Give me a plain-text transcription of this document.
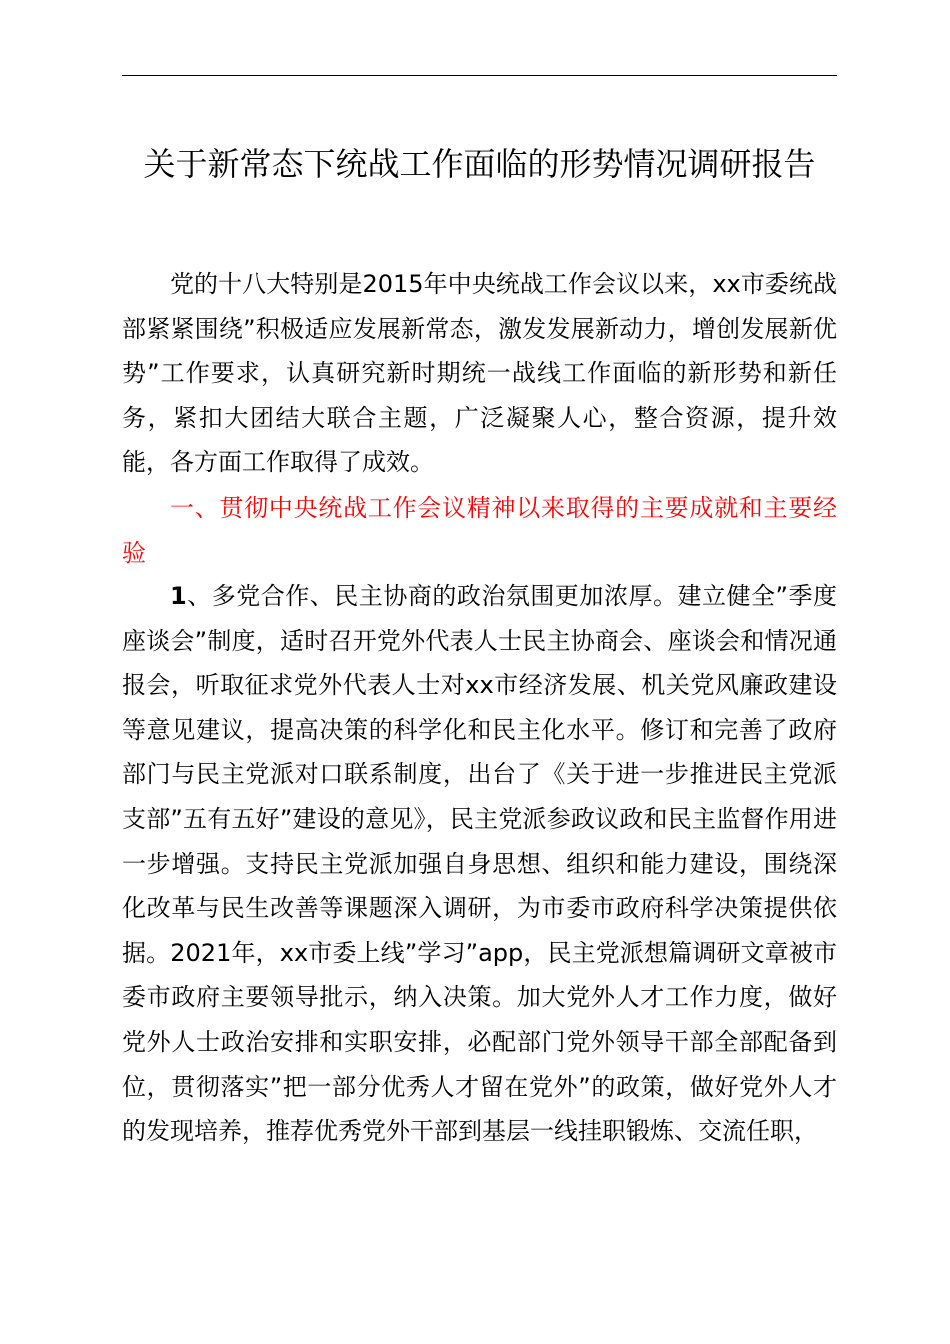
关于新常态下统战工作面临的形势情况调研报告

党的十八大特别是2015年中央统战工作会议以来，xx市委统战部紧紧围绕”积极适应发展新常态，激发发展新动力，增创发展新优势”工作要求，认真研究新时期统一战线工作面临的新形势和新任务，紧扣大团结大联合主题，广泛凝聚人心，整合资源，提升效能，各方面工作取得了成效。

一、贯彻中央统战工作会议精神以来取得的主要成就和主要经验

1、多党合作、民主协商的政治氛围更加浓厚。建立健全”季度座谈会”制度，适时召开党外代表人士民主协商会、座谈会和情况通报会，听取征求党外代表人士对xx市经济发展、机关党风廉政建设等意见建议，提高决策的科学化和民主化水平。修订和完善了政府部门与民主党派对口联系制度，出台了《关于进一步推进民主党派支部”五有五好”建设的意见》，民主党派参政议政和民主监督作用进一步增强。支持民主党派加强自身思想、组织和能力建设，围绕深化改革与民生改善等课题深入调研，为市委市政府科学决策提供依据。2021年，xx市委上线”学习”app，民主党派想篇调研文章被市委市政府主要领导批示，纳入决策。加大党外人才工作力度，做好党外人士政治安排和实职安排，必配部门党外领导干部全部配备到位，贯彻落实”把一部分优秀人才留在党外”的政策，做好党外人才的发现培养，推荐优秀党外干部到基层一线挂职锻炼、交流任职，
